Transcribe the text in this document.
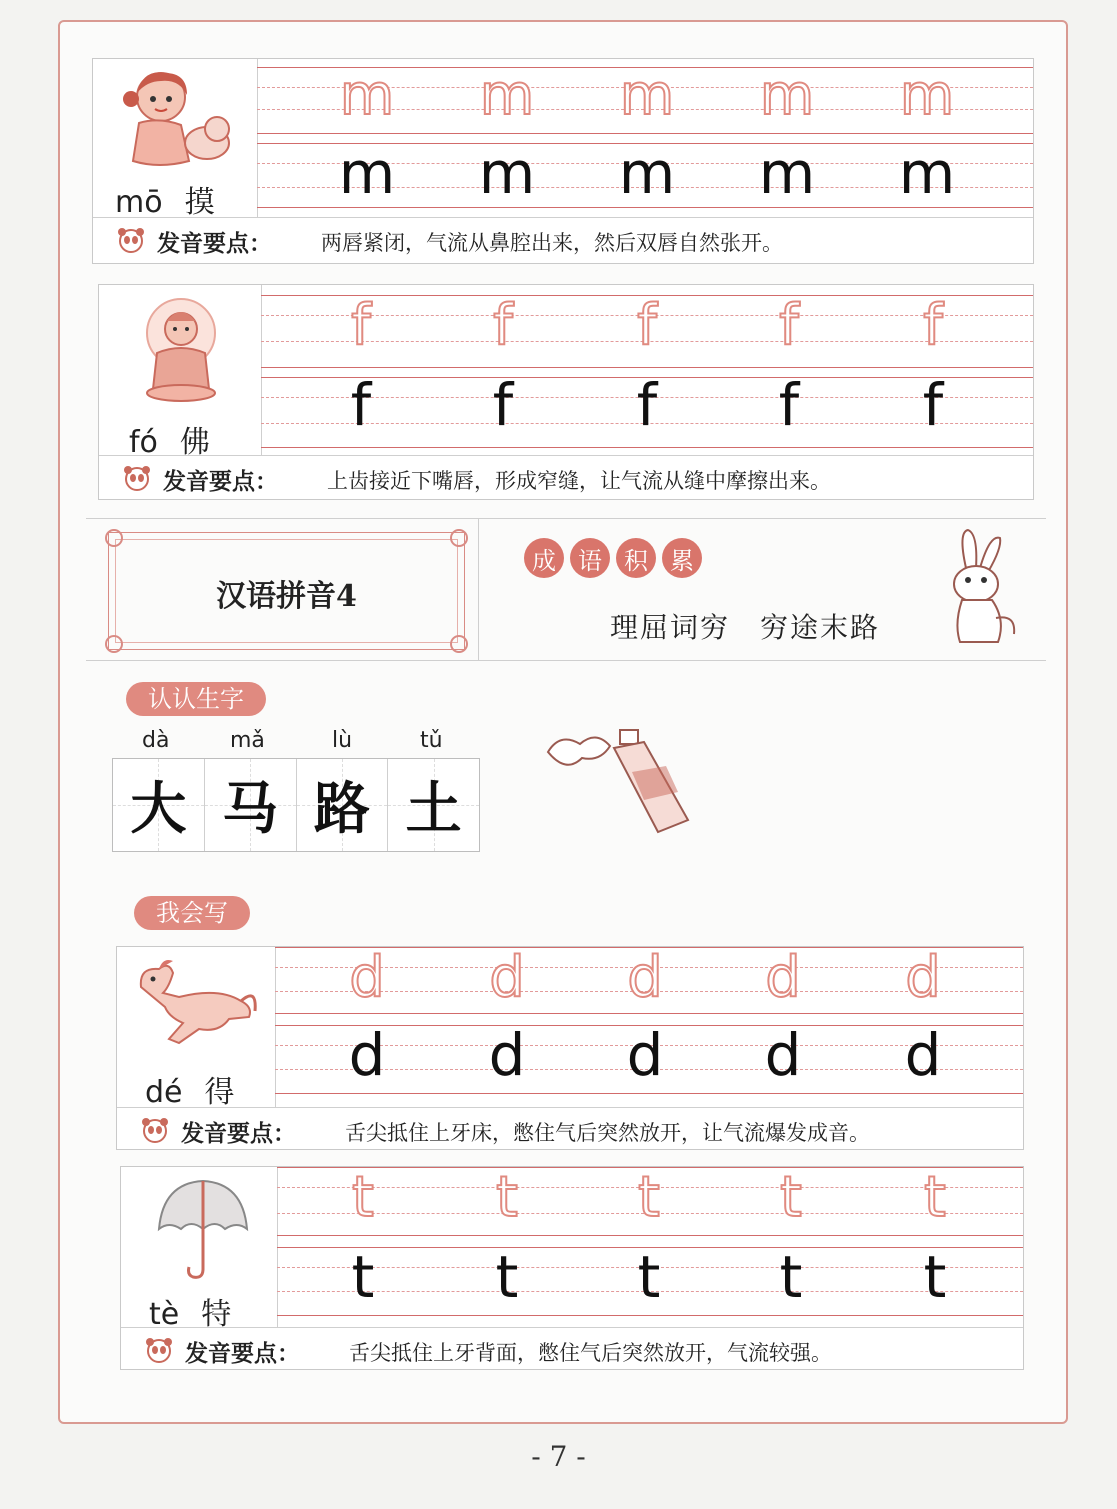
mō 摸
m	m	m	m	m
m	m	m	m	m
发音要点： 两唇紧闭，气流从鼻腔出来，然后双唇自然张开。
fó 佛
f	f	f	f	f
f	f	f	f	f
发音要点： 上齿接近下嘴唇，形成窄缝，让气流从缝中摩擦出来。
汉语拼音4
成 语 积 累
理屈词穷　穷途末路
认认生字
dà	mǎ	lù	tǔ
大 马 路 土
我会写
dé 得
d	d	d	d	d
d	d	d	d	d
发音要点： 舌尖抵住上牙床，憋住气后突然放开，让气流爆发成音。
tè 特
t	t	t	t	t
t	t	t	t	t
发音要点： 舌尖抵住上牙背面，憋住气后突然放开，气流较强。
- 7 -
